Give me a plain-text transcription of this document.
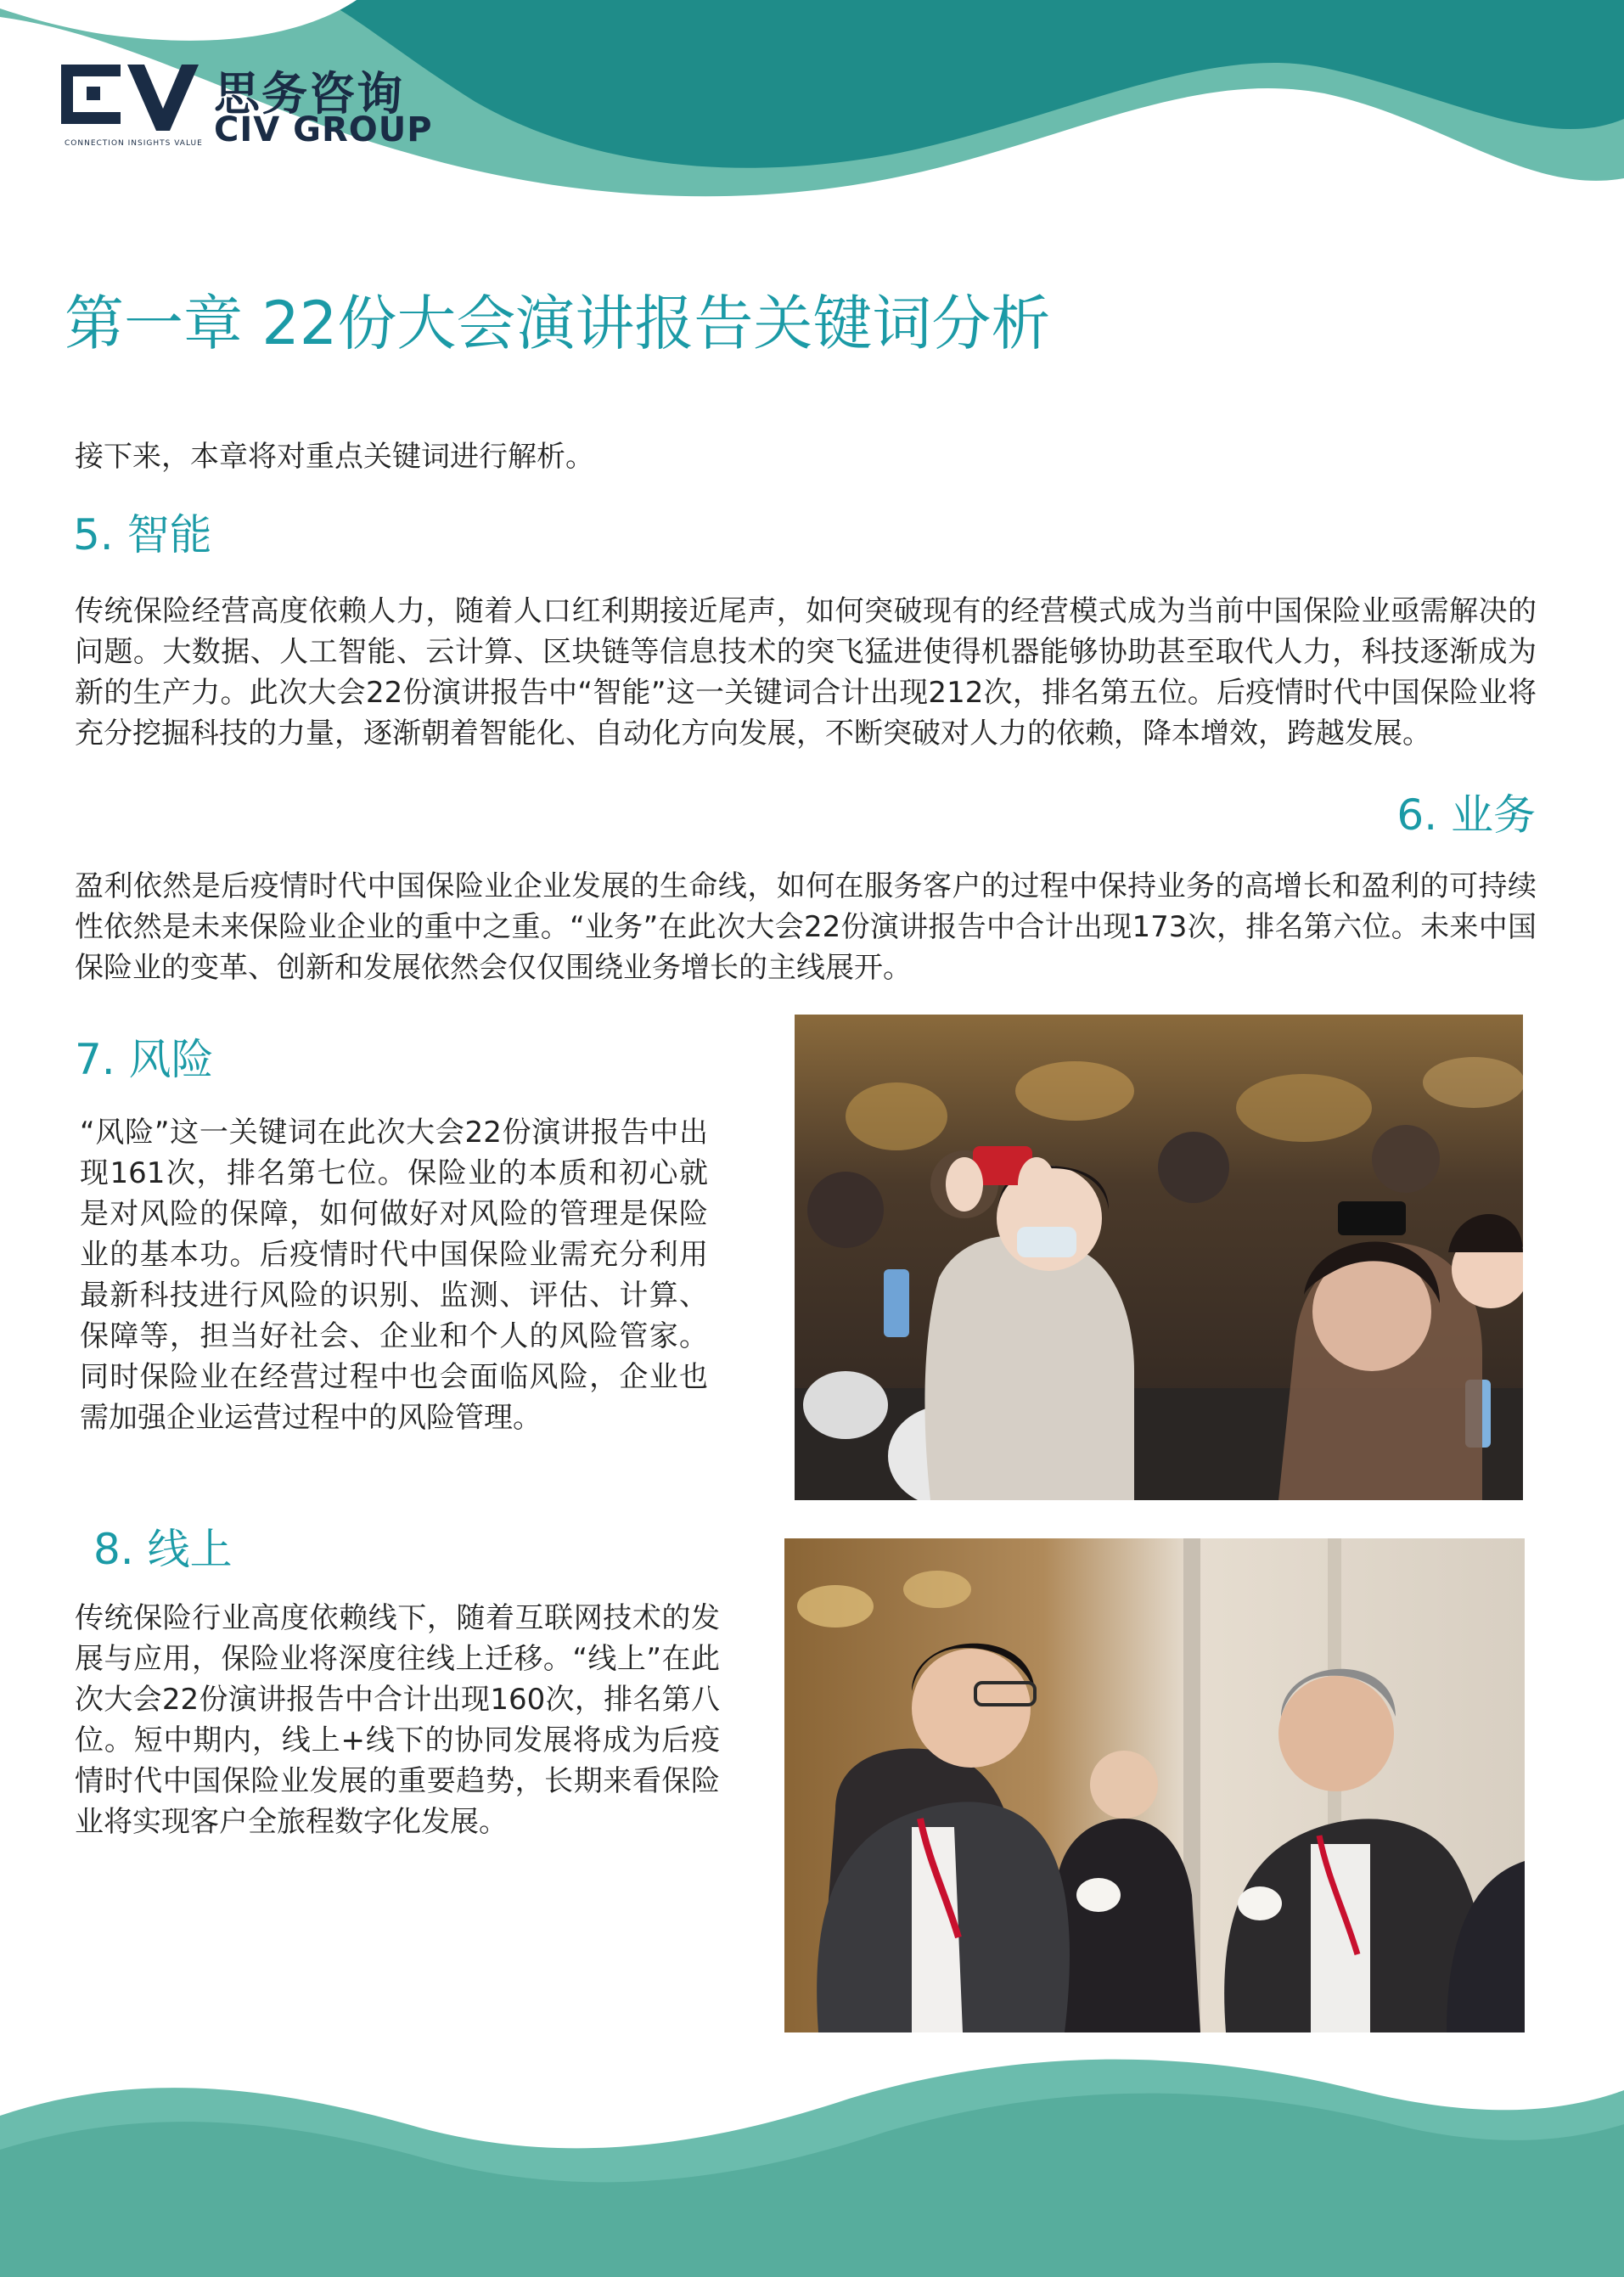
CONNECTION INSIGHTS VALUE
思务咨询
CIV GROUP
第一章 22份大会演讲报告关键词分析
接下来，本章将对重点关键词进行解析。
5. 智能
传统保险经营高度依赖人力，随着人口红利期接近尾声，如何突破现有的经营模式成为当前中国保险业亟需解决的问题。大数据、人工智能、云计算、区块链等信息技术的突飞猛进使得机器能够协助甚至取代人力，科技逐渐成为新的生产力。此次大会22份演讲报告中“智能”这一关键词合计出现212次，排名第五位。后疫情时代中国保险业将充分挖掘科技的力量，逐渐朝着智能化、自动化方向发展，不断突破对人力的依赖，降本增效，跨越发展。
6. 业务
盈利依然是后疫情时代中国保险业企业发展的生命线，如何在服务客户的过程中保持业务的高增长和盈利的可持续性依然是未来保险业企业的重中之重。“业务”在此次大会22份演讲报告中合计出现173次，排名第六位。未来中国保险业的变革、创新和发展依然会仅仅围绕业务增长的主线展开。
7. 风险
“风险”这一关键词在此次大会22份演讲报告中出现161次，排名第七位。保险业的本质和初心就是对风险的保障，如何做好对风险的管理是保险业的基本功。后疫情时代中国保险业需充分利用最新科技进行风险的识别、监测、评估、计算、保障等，担当好社会、企业和个人的风险管家。同时保险业在经营过程中也会面临风险，企业也需加强企业运营过程中的风险管理。
8. 线上
传统保险行业高度依赖线下，随着互联网技术的发展与应用，保险业将深度往线上迁移。“线上”在此次大会22份演讲报告中合计出现160次，排名第八位。短中期内，线上+线下的协同发展将成为后疫情时代中国保险业发展的重要趋势，长期来看保险业将实现客户全旅程数字化发展。
